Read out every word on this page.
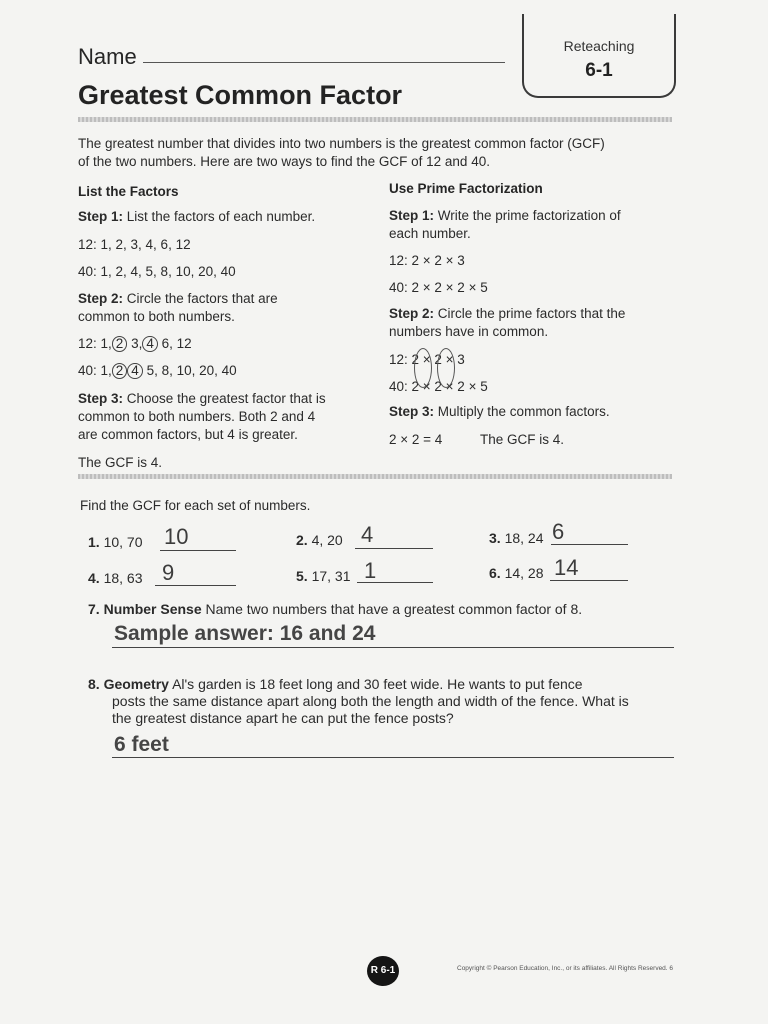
Name	Reteaching
6-1
Greatest Common Factor
The greatest number that divides into two numbers is the greatest common factor (GCF)
of the two numbers. Here are two ways to find the GCF of 12 and 40.
List the Factors
Step 1: List the factors of each number.
12: 1, 2, 3, 4, 6, 12
40: 1, 2, 4, 5, 8, 10, 20, 40
Step 2: Circle the factors that are
common to both numbers.
12: 1, 2 3, 4 6, 12
40: 1, 2 4 5, 8, 10, 20, 40
Step 3: Choose the greatest factor that is
common to both numbers. Both 2 and 4
are common factors, but 4 is greater.
The GCF is 4.
Use Prime Factorization
Step 1: Write the prime factorization of
each number.
12: 2 × 2 × 3
40: 2 × 2 × 2 × 5
Step 2: Circle the prime factors that the
numbers have in common.
12: 2 × 2 × 3
40: 2 × 2 × 2 × 5
Step 3: Multiply the common factors.
2 × 2 = 4	The GCF is 4.
Find the GCF for each set of numbers.
1. 10, 70 10	2. 4, 20 4	3. 18, 24 6
4. 18, 63 9	5. 17, 31 1	6. 14, 28 14
7. Number Sense Name two numbers that have a greatest common factor of 8.
Sample answer: 16 and 24
8. Geometry Al's garden is 18 feet long and 30 feet wide. He wants to put fence
posts the same distance apart along both the length and width of the fence. What is
the greatest distance apart he can put the fence posts?
6 feet
R 6-1	Copyright © Pearson Education, Inc., or its affiliates. All Rights Reserved. 6
